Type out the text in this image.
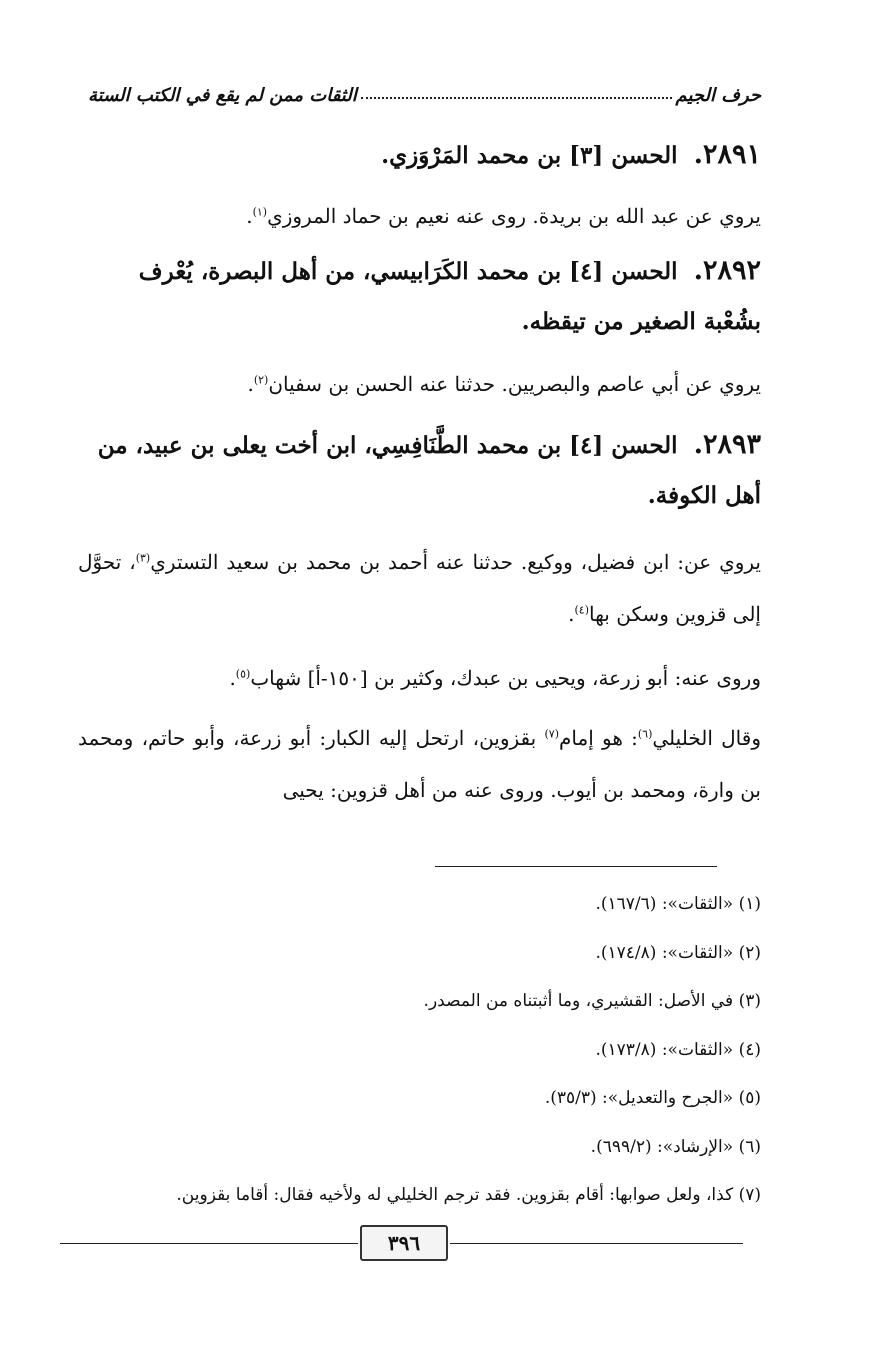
حرف الجيم
الثقات ممن لم يقع في الكتب الستة
٢٨٩١.الحسن [٣] بن محمد المَرْوَزي.

يروي عن عبد الله بن بريدة. روى عنه نعيم بن حماد المروزي$^{(١)}$.

٢٨٩٢.الحسن [٤] بن محمد الكَرَابيسي، من أهل البصرة، يُعْرف بشُعْبة الصغير من تيقظه.

يروي عن أبي عاصم والبصريين. حدثنا عنه الحسن بن سفيان$^{(٢)}$.

٢٨٩٣.الحسن [٤] بن محمد الطَّنَافِسِي، ابن أخت يعلى بن عبيد، من أهل الكوفة.

يروي عن: ابن فضيل، ووكيع. حدثنا عنه أحمد بن محمد بن سعيد التستري$^{(٣)}$، تحوَّل إلى قزوين وسكن بها$^{(٤)}$.

وروى عنه: أبو زرعة، ويحيى بن عبدك، وكثير بن [١٥٠-أ] شهاب$^{(٥)}$.

وقال الخليلي$^{(٦)}$: هو إمام$^{(٧)}$ بقزوين، ارتحل إليه الكبار: أبو زرعة، وأبو حاتم، ومحمد بن وارة، ومحمد بن أيوب. وروى عنه من أهل قزوين: يحيى

(١) «الثقات»: (١٦٧/٦).
(٢) «الثقات»: (١٧٤/٨).
(٣) في الأصل: القشيري، وما أثبتناه من المصدر.
(٤) «الثقات»: (١٧٣/٨).
(٥) «الجرح والتعديل»: (٣٥/٣).
(٦) «الإرشاد»: (٦٩٩/٢).
(٧) كذا، ولعل صوابها: أقام بقزوين. فقد ترجم الخليلي له ولأخيه فقال: أقاما بقزوين.
٣٩٦
